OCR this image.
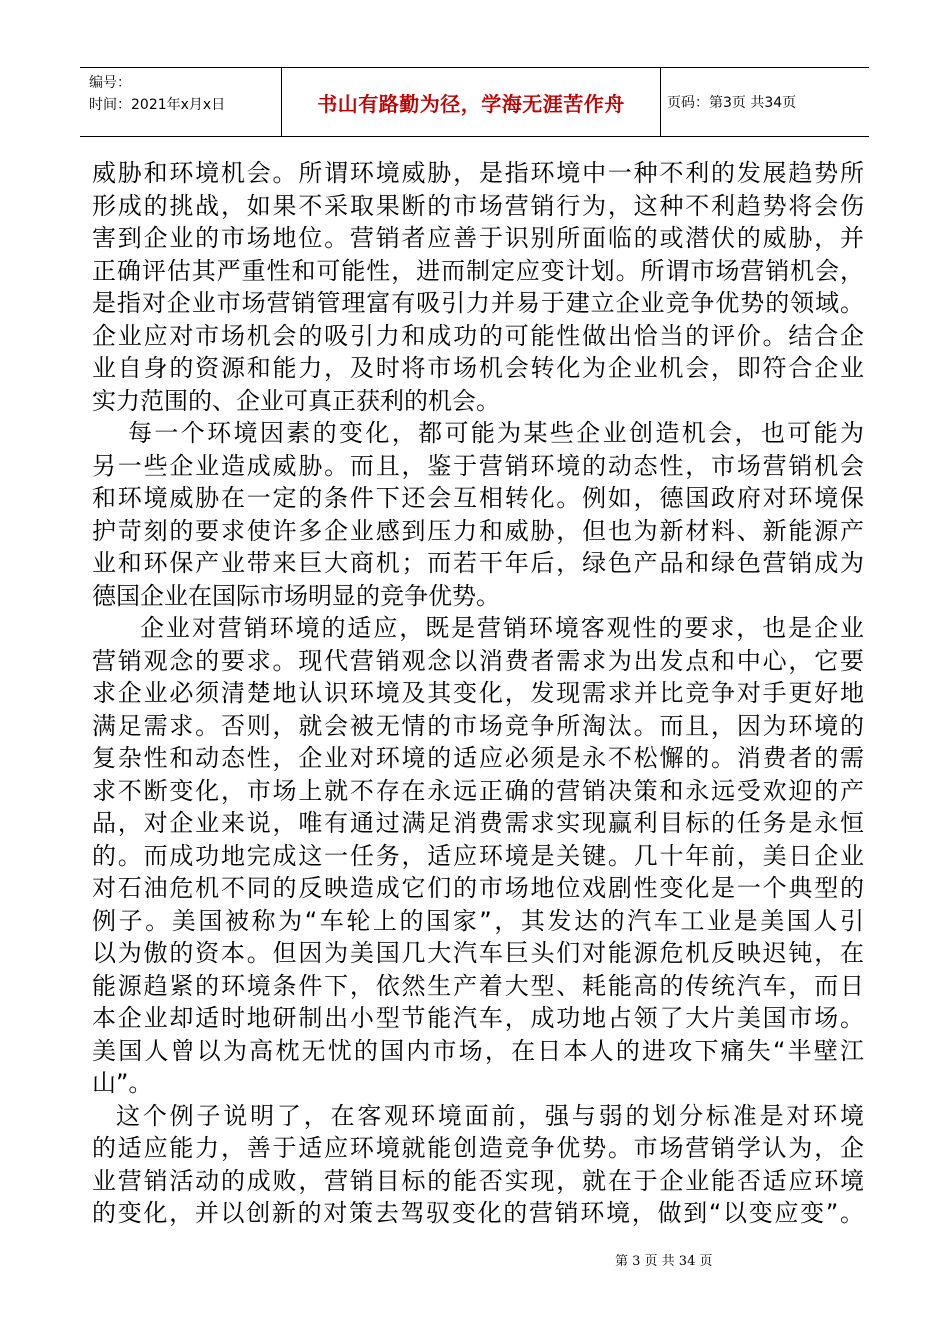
编号：
时间：2021年x月x日	书山有路勤为径，学海无涯苦作舟	页码：第3页 共34页
威胁和环境机会。所谓环境威胁，是指环境中一种不利的发展趋势所
形成的挑战，如果不采取果断的市场营销行为，这种不利趋势将会伤
害到企业的市场地位。营销者应善于识别所面临的或潜伏的威胁，并
正确评估其严重性和可能性，进而制定应变计划。所谓市场营销机会，
是指对企业市场营销管理富有吸引力并易于建立企业竞争优势的领域。
企业应对市场机会的吸引力和成功的可能性做出恰当的评价。结合企
业自身的资源和能力，及时将市场机会转化为企业机会，即符合企业
实力范围的、企业可真正获利的机会。
每一个环境因素的变化，都可能为某些企业创造机会，也可能为
另一些企业造成威胁。而且，鉴于营销环境的动态性，市场营销机会
和环境威胁在一定的条件下还会互相转化。例如，德国政府对环境保
护苛刻的要求使许多企业感到压力和威胁，但也为新材料、新能源产
业和环保产业带来巨大商机；而若干年后，绿色产品和绿色营销成为
德国企业在国际市场明显的竞争优势。
企业对营销环境的适应，既是营销环境客观性的要求，也是企业
营销观念的要求。现代营销观念以消费者需求为出发点和中心，它要
求企业必须清楚地认识环境及其变化，发现需求并比竞争对手更好地
满足需求。否则，就会被无情的市场竞争所淘汰。而且，因为环境的
复杂性和动态性，企业对环境的适应必须是永不松懈的。消费者的需
求不断变化，市场上就不存在永远正确的营销决策和永远受欢迎的产
品，对企业来说，唯有通过满足消费需求实现赢利目标的任务是永恒
的。而成功地完成这一任务，适应环境是关键。几十年前，美日企业
对石油危机不同的反映造成它们的市场地位戏剧性变化是一个典型的
例子。美国被称为“车轮上的国家”，其发达的汽车工业是美国人引
以为傲的资本。但因为美国几大汽车巨头们对能源危机反映迟钝，在
能源趋紧的环境条件下，依然生产着大型、耗能高的传统汽车，而日
本企业却适时地研制出小型节能汽车，成功地占领了大片美国市场。
美国人曾以为高枕无忧的国内市场，在日本人的进攻下痛失“半壁江
山”。
这个例子说明了，在客观环境面前，强与弱的划分标准是对环境
的适应能力，善于适应环境就能创造竞争优势。市场营销学认为，企
业营销活动的成败，营销目标的能否实现，就在于企业能否适应环境
的变化，并以创新的对策去驾驭变化的营销环境，做到“以变应变”。
第 3 页 共 34 页
